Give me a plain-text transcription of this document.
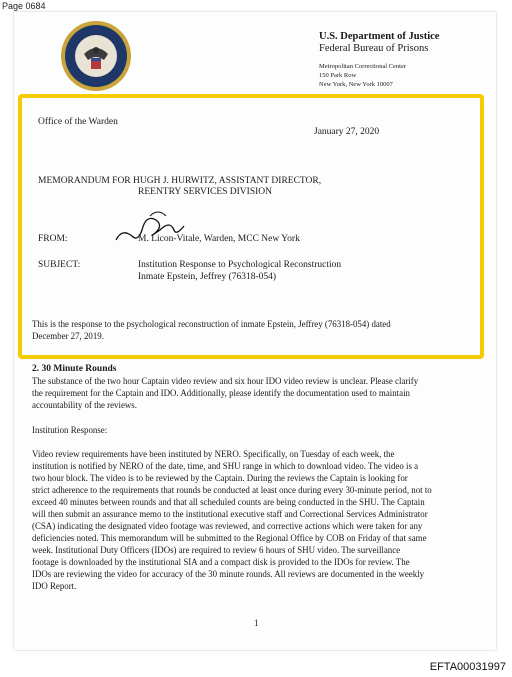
Page 0684
U.S. Department of Justice
Federal Bureau of Prisons
Metropolitan Correctional Center
150 Park Row
New York, New York 10007
Office of the Warden
January 27, 2020
MEMORANDUM FOR HUGH J. HURWITZ, ASSISTANT DIRECTOR,
REENTRY SERVICES DIVISION
FROM:	M. Licon-Vitale, Warden, MCC New York
SUBJECT:	Institution Response to Psychological Reconstruction
Inmate Epstein, Jeffrey (76318-054)
This is the response to the psychological reconstruction of inmate Epstein, Jeffrey (76318-054) dated
December 27, 2019.
2. 30 Minute Rounds
The substance of the two hour Captain video review and six hour IDO video review is unclear. Please clarify
the requirement for the Captain and IDO. Additionally, please identify the documentation used to maintain
accountability of the reviews.
Institution Response:
Video review requirements have been instituted by NERO. Specifically, on Tuesday of each week, the
institution is notified by NERO of the date, time, and SHU range in which to download video. The video is a
two hour block. The video is to be reviewed by the Captain. During the reviews the Captain is looking for
strict adherence to the requirements that rounds be conducted at least once during every 30-minute period, not to
exceed 40 minutes between rounds and that all scheduled counts are being conducted in the SHU. The Captain
will then submit an assurance memo to the institutional executive staff and Correctional Services Administrator
(CSA) indicating the designated video footage was reviewed, and corrective actions which were taken for any
deficiencies noted. This memorandum will be submitted to the Regional Office by COB on Friday of that same
week. Institutional Duty Officers (IDOs) are required to review 6 hours of SHU video. The surveillance
footage is downloaded by the institutional SIA and a compact disk is provided to the IDOs for review. The
IDOs are reviewing the video for accuracy of the 30 minute rounds. All reviews are documented in the weekly
IDO Report.
1
EFTA00031997
